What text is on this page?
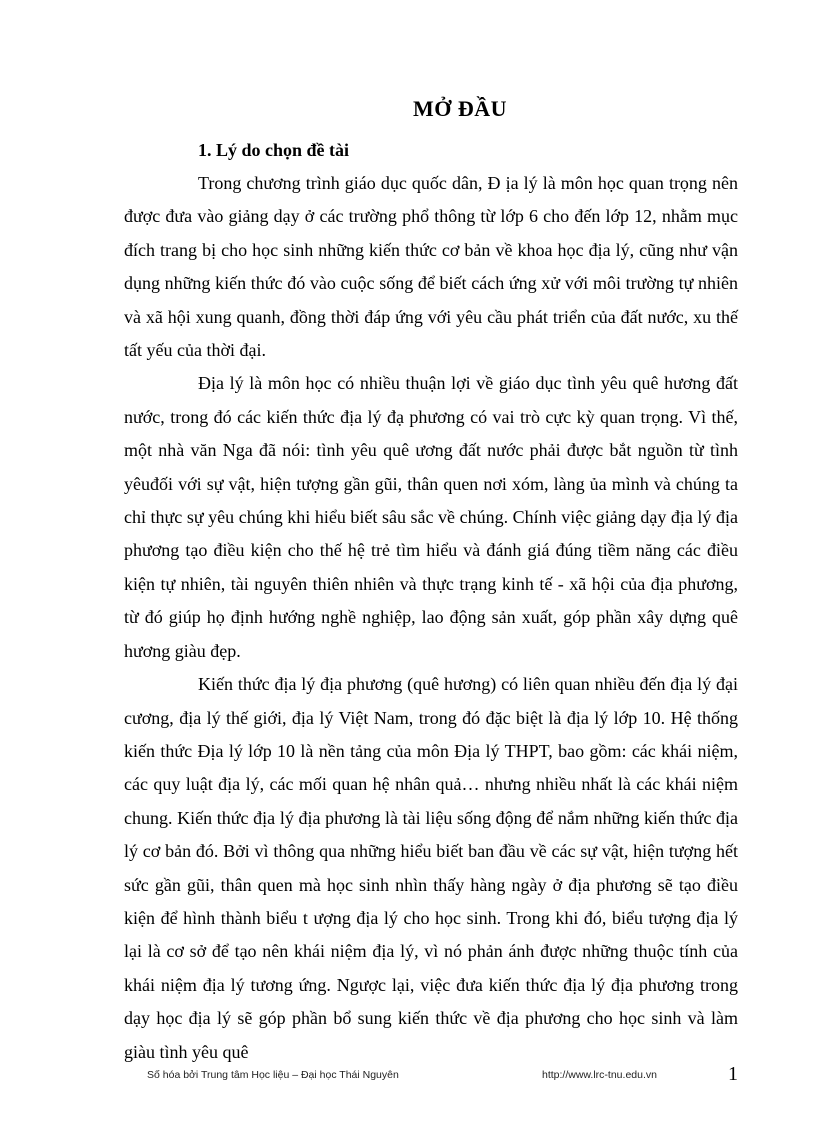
MỞ ĐẦU
1. Lý do chọn đề tài

Trong chương trình giáo dục quốc dân, Đ ịa lý là môn học quan trọng nên được đưa vào giảng dạy ở các trường phổ thông từ lớp 6 cho đến lớp 12, nhằm mục đích trang bị cho học sinh những kiến thức cơ bản về khoa học địa lý, cũng như vận dụng những kiến thức đó vào cuộc sống để biết cách ứng xử với môi trường tự nhiên và xã hội xung quanh, đồng thời đáp ứng với yêu cầu phát triển của đất nước, xu thế tất yếu của thời đại.

Địa lý là môn học có nhiều thuận lợi về giáo dục tình yêu quê hương đất nước, trong đó các kiến thức địa lý đạ phương có vai trò cực kỳ quan trọng. Vì thế, một nhà văn Nga đã nói: tình yêu quê ương đất nước phải được bắt nguồn từ tình yêuđối với sự vật, hiện tượng gần gũi, thân quen nơi xóm, làng ủa mình và chúng ta chỉ thực sự yêu chúng khi hiểu biết sâu sắc về chúng. Chính việc giảng dạy địa lý địa phương tạo điều kiện cho thế hệ trẻ tìm hiểu và đánh giá đúng tiềm năng các điều kiện tự nhiên, tài nguyên thiên nhiên và thực trạng kinh tế - xã hội của địa phương, từ đó giúp họ định hướng nghề nghiệp, lao động sản xuất, góp phần xây dựng quê hương giàu đẹp.

Kiến thức địa lý địa phương (quê hương) có liên quan nhiều đến địa lý đại cương, địa lý thế giới, địa lý Việt Nam, trong đó đặc biệt là địa lý lớp 10. Hệ thống kiến thức Địa lý lớp 10 là nền tảng của môn Địa lý THPT, bao gồm: các khái niệm, các quy luật địa lý, các mối quan hệ nhân quả… nhưng nhiều nhất là các khái niệm chung. Kiến thức địa lý địa phương là tài liệu sống động để nắm những kiến thức địa lý cơ bản đó. Bởi vì thông qua những hiểu biết ban đầu về các sự vật, hiện tượng hết sức gần gũi, thân quen mà học sinh nhìn thấy hàng ngày ở địa phương sẽ tạo điều kiện để hình thành biểu t ượng địa lý cho học sinh. Trong khi đó, biểu tượng địa lý lại là cơ sở để tạo nên khái niệm địa lý, vì nó phản ánh được những thuộc tính của khái niệm địa lý tương ứng. Ngược lại, việc đưa kiến thức địa lý địa phương trong dạy học địa lý sẽ góp phần bổ sung kiến thức về địa phương cho học sinh và làm giàu tình yêu quê

Số hóa bởi Trung tâm Học liệu – Đại học Thái Nguyên	http://www.lrc-tnu.edu.vn	1
